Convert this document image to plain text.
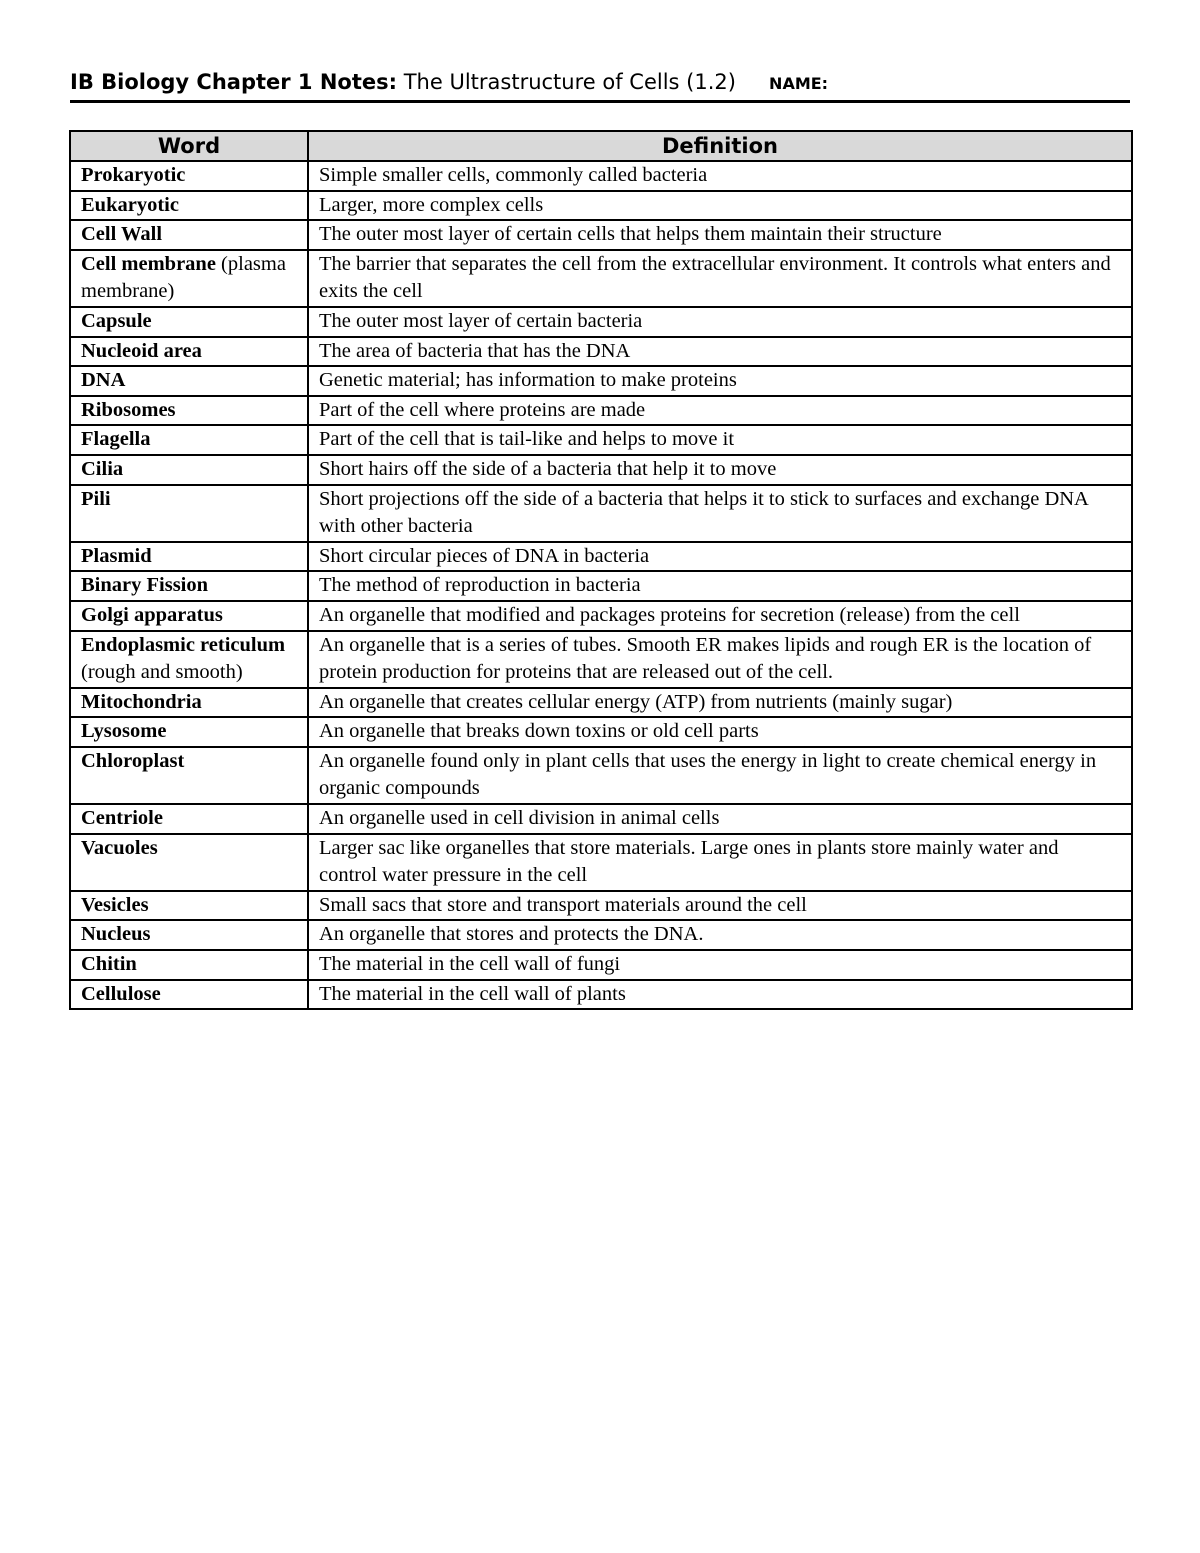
IB Biology Chapter 1 Notes: The Ultrastructure of Cells (1.2) NAME:
Word	Definition
Prokaryotic	Simple smaller cells, commonly called bacteria
Eukaryotic	Larger, more complex cells
Cell Wall	The outer most layer of certain cells that helps them maintain their structure
Cell membrane (plasma membrane)	The barrier that separates the cell from the extracellular environment. It controls what enters and exits the cell
Capsule	The outer most layer of certain bacteria
Nucleoid area	The area of bacteria that has the DNA
DNA	Genetic material; has information to make proteins
Ribosomes	Part of the cell where proteins are made
Flagella	Part of the cell that is tail-like and helps to move it
Cilia	Short hairs off the side of a bacteria that help it to move
Pili	Short projections off the side of a bacteria that helps it to stick to surfaces and exchange DNA with other bacteria
Plasmid	Short circular pieces of DNA in bacteria
Binary Fission	The method of reproduction in bacteria
Golgi apparatus	An organelle that modified and packages proteins for secretion (release) from the cell
Endoplasmic reticulum (rough and smooth)	An organelle that is a series of tubes. Smooth ER makes lipids and rough ER is the location of protein production for proteins that are released out of the cell.
Mitochondria	An organelle that creates cellular energy (ATP) from nutrients (mainly sugar)
Lysosome	An organelle that breaks down toxins or old cell parts
Chloroplast	An organelle found only in plant cells that uses the energy in light to create chemical energy in organic compounds
Centriole	An organelle used in cell division in animal cells
Vacuoles	Larger sac like organelles that store materials. Large ones in plants store mainly water and control water pressure in the cell
Vesicles	Small sacs that store and transport materials around the cell
Nucleus	An organelle that stores and protects the DNA.
Chitin	The material in the cell wall of fungi
Cellulose	The material in the cell wall of plants
